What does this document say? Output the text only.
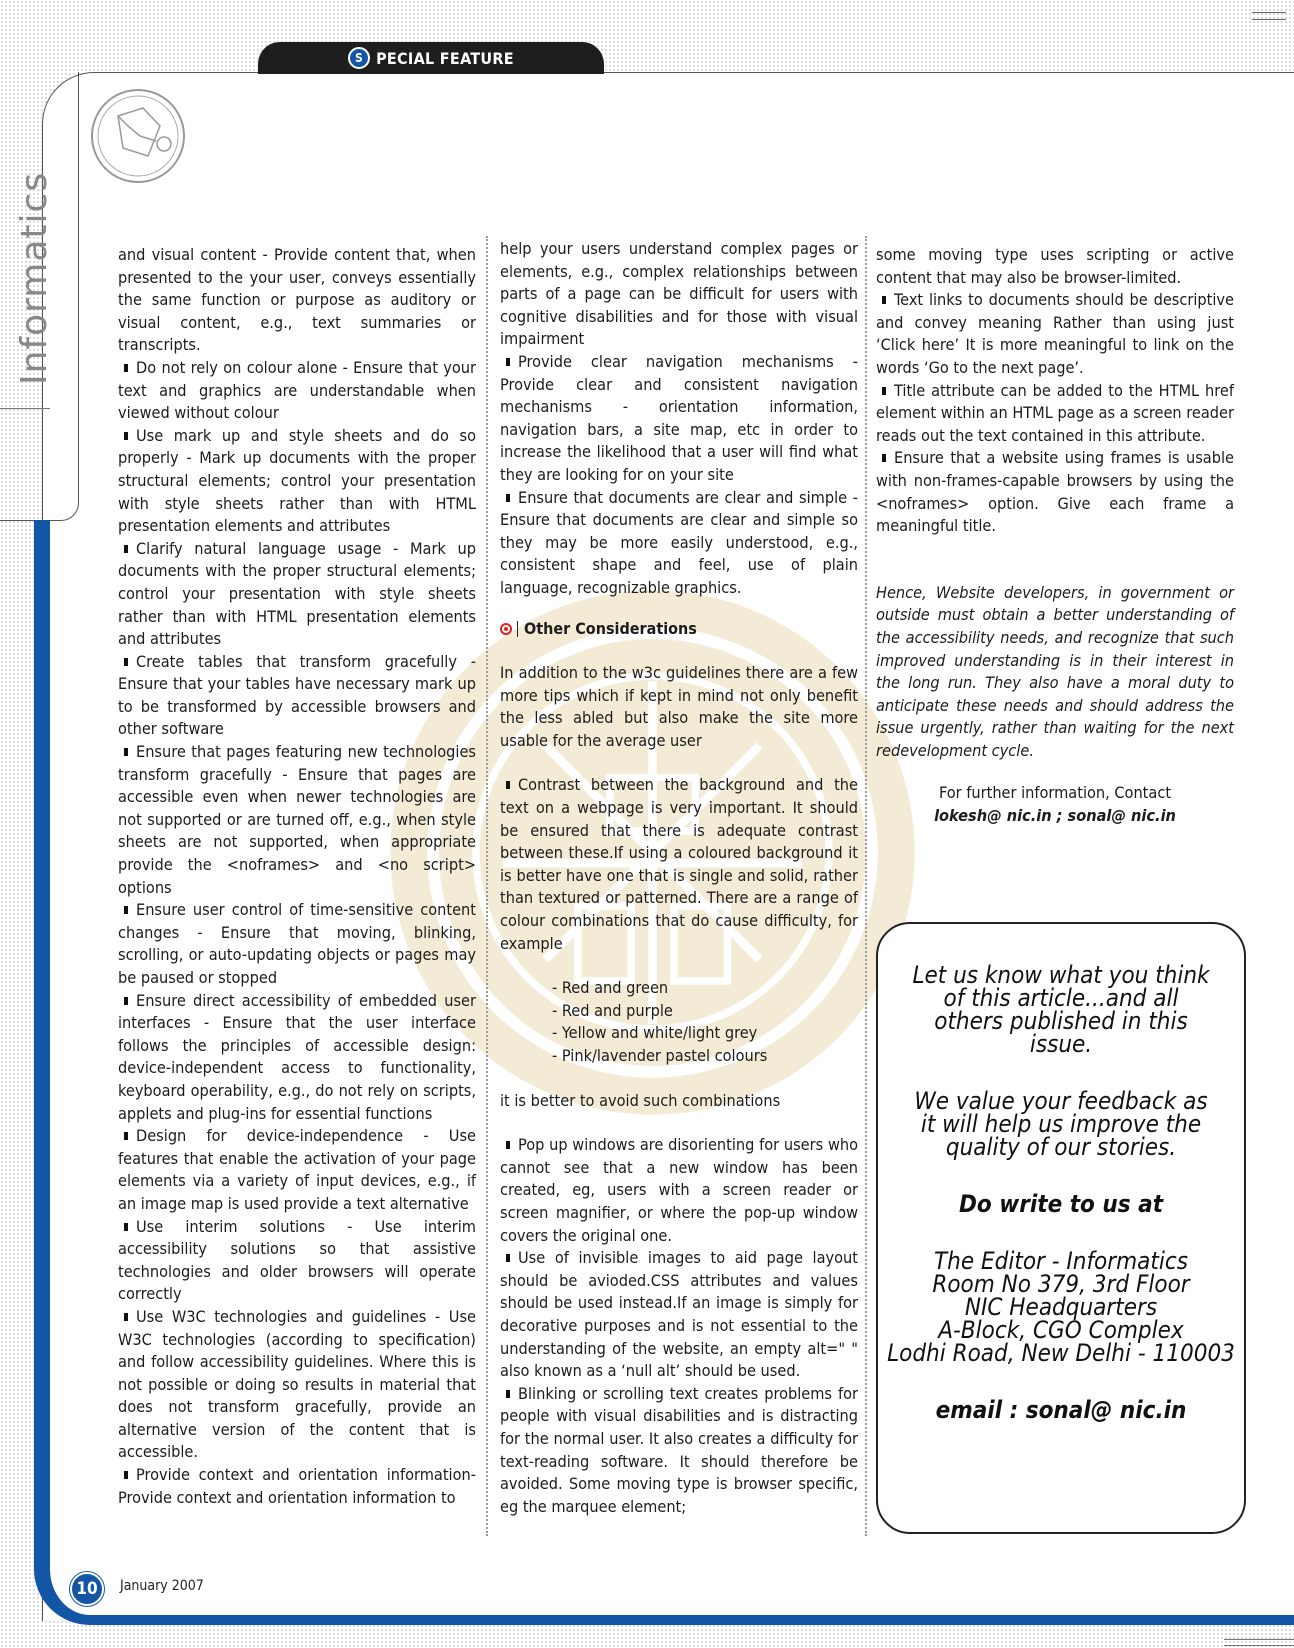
S PECIAL FEATURE
Informatics	and visual content - Provide content that, when presented to the your user, conveys essentially the same function or purpose as auditory or visual content, e.g., text summaries or transcripts.

Do not rely on colour alone - Ensure that your text and graphics are understandable when viewed without colour

Use mark up and style sheets and do so properly - Mark up documents with the proper structural elements; control your presentation with style sheets rather than with HTML presentation elements and attributes

Clarify natural language usage - Mark up documents with the proper structural elements; control your presentation with style sheets rather than with HTML presentation elements and attributes

Create tables that transform gracefully - Ensure that your tables have necessary mark up to be transformed by accessible browsers and other software

Ensure that pages featuring new technologies transform gracefully - Ensure that pages are accessible even when newer technologies are not supported or are turned off, e.g., when style sheets are not supported, when appropriate provide the <noframes> and <no script> options

Ensure user control of time-sensitive content changes - Ensure that moving, blinking, scrolling, or auto-updating objects or pages may be paused or stopped

Ensure direct accessibility of embedded user interfaces - Ensure that the user interface follows the principles of accessible design: device-independent access to functionality, keyboard operability, e.g., do not rely on scripts, applets and plug-ins for essential functions

Design for device-independence - Use features that enable the activation of your page elements via a variety of input devices, e.g., if an image map is used provide a text alternative

Use interim solutions - Use interim accessibility solutions so that assistive technologies and older browsers will operate correctly

Use W3C technologies and guidelines - Use W3C technologies (according to specification) and follow accessibility guidelines. Where this is not possible or doing so results in material that does not transform gracefully, provide an alternative version of the content that is accessible.

Provide context and orientation information- Provide context and orientation information to

help your users understand complex pages or elements, e.g., complex relationships between parts of a page can be difficult for users with cognitive disabilities and for those with visual impairment

Provide clear navigation mechanisms - Provide clear and consistent navigation mechanisms - orientation information, navigation bars, a site map, etc in order to increase the likelihood that a user will find what they are looking for on your site

Ensure that documents are clear and simple - Ensure that documents are clear and simple so they may be more easily understood, e.g., consistent shape and feel, use of plain language, recognizable graphics.

Other Considerations

In addition to the w3c guidelines there are a few more tips which if kept in mind not only benefit the less abled but also make the site more usable for the average user

Contrast between the background and the text on a webpage is very important. It should be ensured that there is adequate contrast between these.If using a coloured background it is better have one that is single and solid, rather than textured or patterned. There are a range of colour combinations that do cause difficulty, for example

- Red and green
- Red and purple
- Yellow and white/light grey
- Pink/lavender pastel colours

it is better to avoid such combinations

Pop up windows are disorienting for users who cannot see that a new window has been created, eg, users with a screen reader or screen magnifier, or where the pop-up window covers the original one.

Use of invisible images to aid page layout should be avioded.CSS attributes and values should be used instead.If an image is simply for decorative purposes and is not essential to the understanding of the website, an empty alt=" " also known as a ‘null alt’ should be used.

Blinking or scrolling text creates problems for people with visual disabilities and is distracting for the normal user. It also creates a difficulty for text-reading software. It should therefore be avoided. Some moving type is browser specific, eg the marquee element;

some moving type uses scripting or active content that may also be browser-limited.

Text links to documents should be descriptive and convey meaning Rather than using just ‘Click here’ It is more meaningful to link on the words ‘Go to the next page’.

Title attribute can be added to the HTML href element within an HTML page as a screen reader reads out the text contained in this attribute.

Ensure that a website using frames is usable with non-frames-capable browsers by using the <noframes> option. Give each frame a meaningful title.

Hence, Website developers, in government or outside must obtain a better understanding of the accessibility needs, and recognize that such improved understanding is in their interest in the long run. They also have a moral duty to anticipate these needs and should address the issue urgently, rather than waiting for the next redevelopment cycle.

For further information, Contact
lokesh@ nic.in ; sonal@ nic.in
Let us know what you think of this article...and all others published in this issue.
We value your feedback as it will help us improve the quality of our stories.
Do write to us at
The Editor - Informatics
Room No 379, 3rd Floor
NIC Headquarters
A-Block, CGO Complex
Lodhi Road, New Delhi - 110003
email : sonal@ nic.in
10	January 2007
